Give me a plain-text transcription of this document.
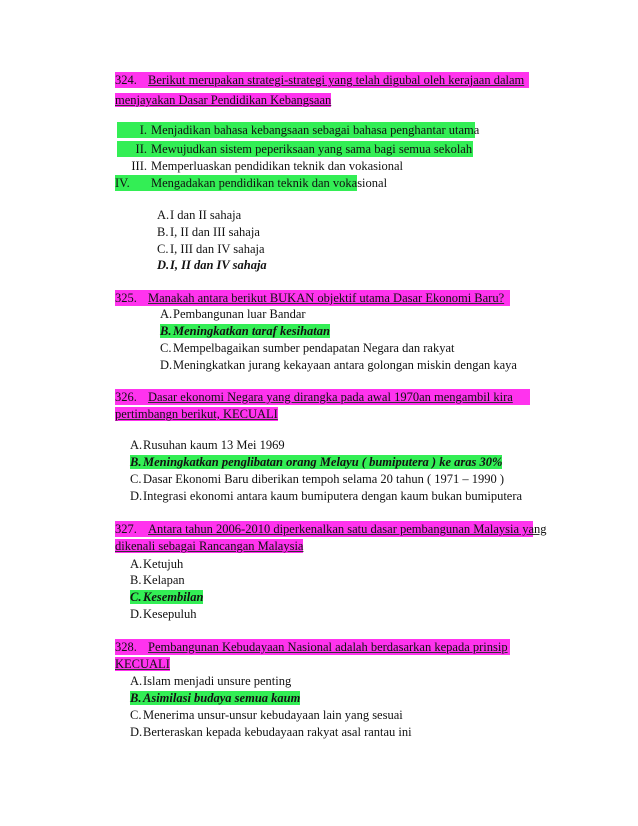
324. Berikut merupakan strategi-strategi yang telah digubal oleh kerajaan dalam
menjayakan Dasar Pendidikan Kebangsaan
I. Menjadikan bahasa kebangsaan sebagai bahasa penghantar utama
II. Mewujudkan sistem peperiksaan yang sama bagi semua sekolah
III. Memperluaskan pendidikan teknik dan vokasional
IV. Mengadakan pendidikan teknik dan vokasional
A.I dan II sahaja
B. I, II dan III sahaja
C. I, III dan IV sahaja
D.I, II dan IV sahaja
325. Manakah antara berikut BUKAN objektif utama Dasar Ekonomi Baru?
A.Pembangunan luar Bandar
B. Meningkatkan taraf kesihatan
C. Mempelbagaikan sumber pendapatan Negara dan rakyat
D.Meningkatkan jurang kekayaan antara golongan miskin dengan kaya
326. Dasar ekonomi Negara yang dirangka pada awal 1970an mengambil kira
pertimbangn berikut, KECUALI
A.Rusuhan kaum 13 Mei 1969
B. Meningkatkan penglibatan orang Melayu ( bumiputera ) ke aras 30%
C. Dasar Ekonomi Baru diberikan tempoh selama 20 tahun ( 1971 – 1990 )
D.Integrasi ekonomi antara kaum bumiputera dengan kaum bukan bumiputera
327. Antara tahun 2006-2010 diperkenalkan satu dasar pembangunan Malaysia yang
dikenali sebagai Rancangan Malaysia
A.Ketujuh
B. Kelapan
C. Kesembilan
D.Kesepuluh
328. Pembangunan Kebudayaan Nasional adalah berdasarkan kepada prinsip
KECUALI
A.Islam menjadi unsure penting
B. Asimilasi budaya semua kaum
C. Menerima unsur-unsur kebudayaan lain yang sesuai
D.Berteraskan kepada kebudayaan rakyat asal rantau ini
